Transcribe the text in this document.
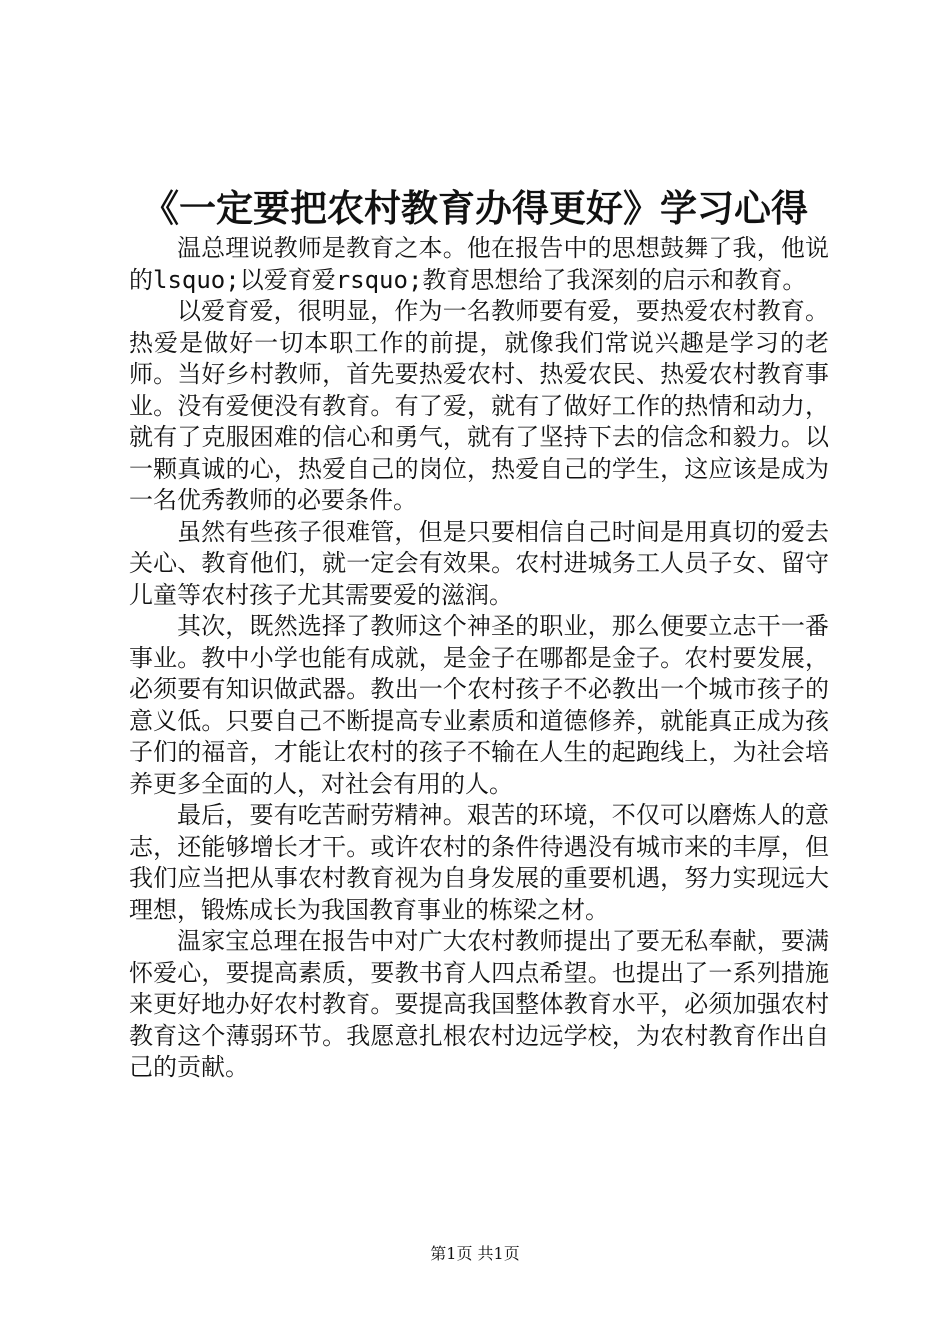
《一定要把农村教育办得更好》学习心得

温总理说教师是教育之本。他在报告中的思想鼓舞了我，他说的lsquo;以爱育爱rsquo;教育思想给了我深刻的启示和教育。

以爱育爱，很明显，作为一名教师要有爱，要热爱农村教育。热爱是做好一切本职工作的前提，就像我们常说兴趣是学习的老师。当好乡村教师，首先要热爱农村、热爱农民、热爱农村教育事业。没有爱便没有教育。有了爱，就有了做好工作的热情和动力，就有了克服困难的信心和勇气，就有了坚持下去的信念和毅力。以一颗真诚的心，热爱自己的岗位，热爱自己的学生，这应该是成为一名优秀教师的必要条件。

虽然有些孩子很难管，但是只要相信自己时间是用真切的爱去关心、教育他们，就一定会有效果。农村进城务工人员子女、留守儿童等农村孩子尤其需要爱的滋润。

其次，既然选择了教师这个神圣的职业，那么便要立志干一番事业。教中小学也能有成就，是金子在哪都是金子。农村要发展，必须要有知识做武器。教出一个农村孩子不必教出一个城市孩子的意义低。只要自己不断提高专业素质和道德修养，就能真正成为孩子们的福音，才能让农村的孩子不输在人生的起跑线上，为社会培养更多全面的人，对社会有用的人。

最后，要有吃苦耐劳精神。艰苦的环境，不仅可以磨炼人的意志，还能够增长才干。或许农村的条件待遇没有城市来的丰厚，但我们应当把从事农村教育视为自身发展的重要机遇，努力实现远大理想，锻炼成长为我国教育事业的栋梁之材。

温家宝总理在报告中对广大农村教师提出了要无私奉献，要满怀爱心，要提高素质，要教书育人四点希望。也提出了一系列措施来更好地办好农村教育。要提高我国整体教育水平，必须加强农村教育这个薄弱环节。我愿意扎根农村边远学校，为农村教育作出自己的贡献。

第1页 共1页
